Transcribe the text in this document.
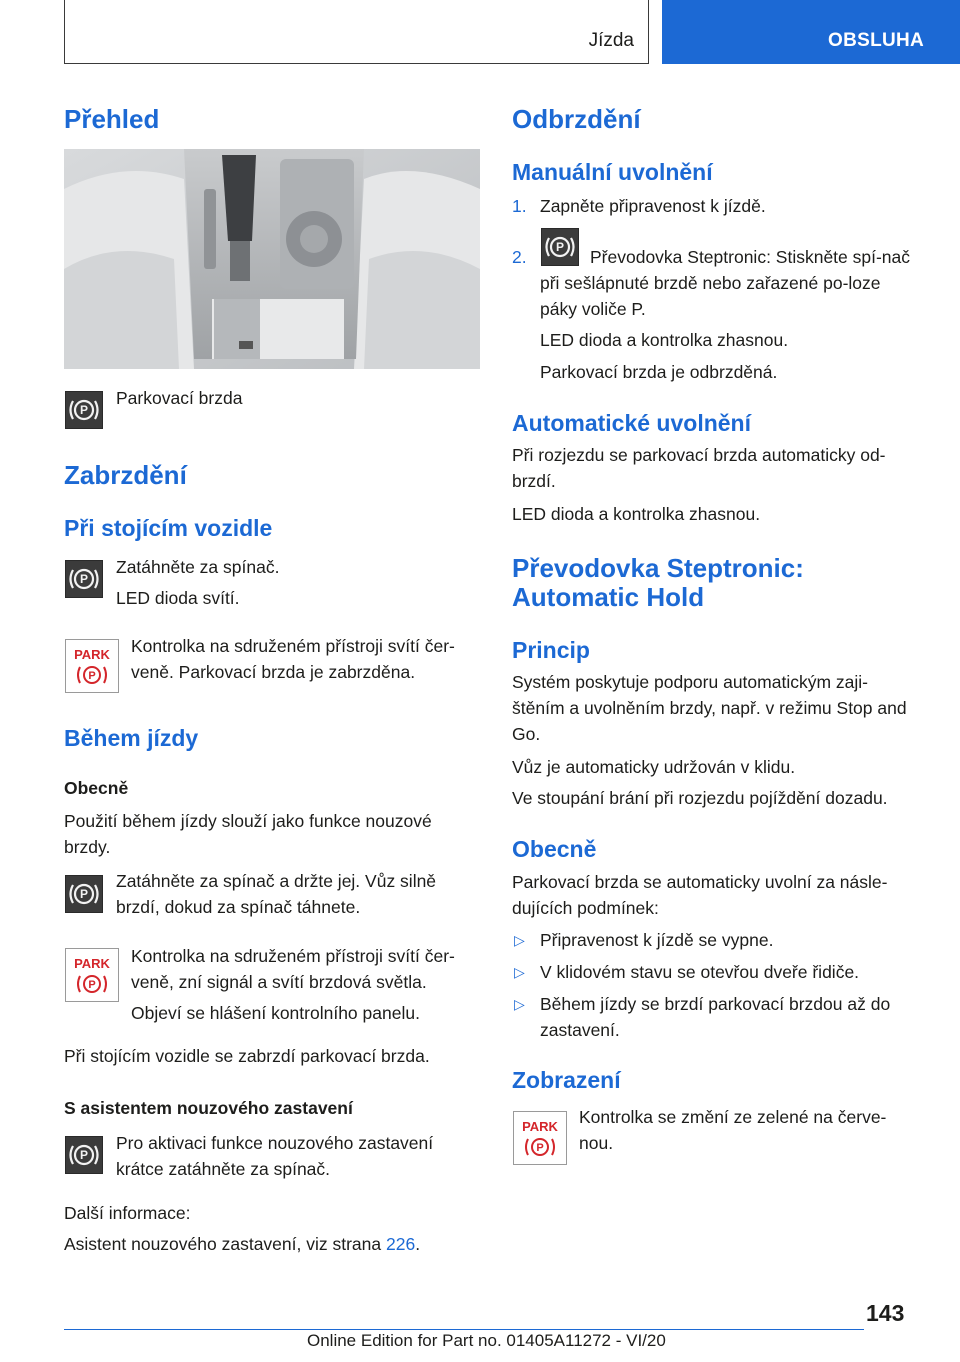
Jízda	OBSLUHA
Přehled
P
Parkovací brzda
Zabrzdění
Při stojícím vozidle
P
Zatáhněte za spínač.
LED dioda svítí.
PARK
P
Kontrolka na sdruženém přístroji svítí čer-veně. Parkovací brzda je zabrzděna.
Během jízdy
Obecně
Použití během jízdy slouží jako funkce nouzové brzdy.
P
Zatáhněte za spínač a držte jej. Vůz silně brzdí, dokud za spínač táhnete.
PARK
P
Kontrolka na sdruženém přístroji svítí čer-veně, zní signál a svítí brzdová světla.
Objeví se hlášení kontrolního panelu.
Při stojícím vozidle se zabrzdí parkovací brzda.
S asistentem nouzového zastavení
P
Pro aktivaci funkce nouzového zastavení krátce zatáhněte za spínač.
Další informace:
Asistent nouzového zastavení, viz strana 226.
Odbrzdění
Manuální uvolnění
1. Zapněte připravenost k jízdě.
2. P	Převodovka Steptronic: Stiskněte spí-nač při sešlápnuté brzdě nebo zařazené po-loze páky voliče P.
LED dioda a kontrolka zhasnou.
Parkovací brzda je odbrzděná.
Automatické uvolnění
Při rozjezdu se parkovací brzda automaticky od-brzdí.
LED dioda a kontrolka zhasnou.
Převodovka Steptronic:
Automatic Hold
Princip
Systém poskytuje podporu automatickým zaji-štěním a uvolněním brzdy, např. v režimu Stop and Go.
Vůz je automaticky udržován v klidu.
Ve stoupání brání při rozjezdu pojíždění dozadu.
Obecně
Parkovací brzda se automaticky uvolní za násle-dujících podmínek:
▷ Připravenost k jízdě se vypne.
▷ V klidovém stavu se otevřou dveře řidiče.
▷ Během jízdy se brzdí parkovací brzdou až do zastavení.
Zobrazení
PARK
P
Kontrolka se změní ze zelené na červe-nou.
143
Online Edition for Part no. 01405A11272 - VI/20
